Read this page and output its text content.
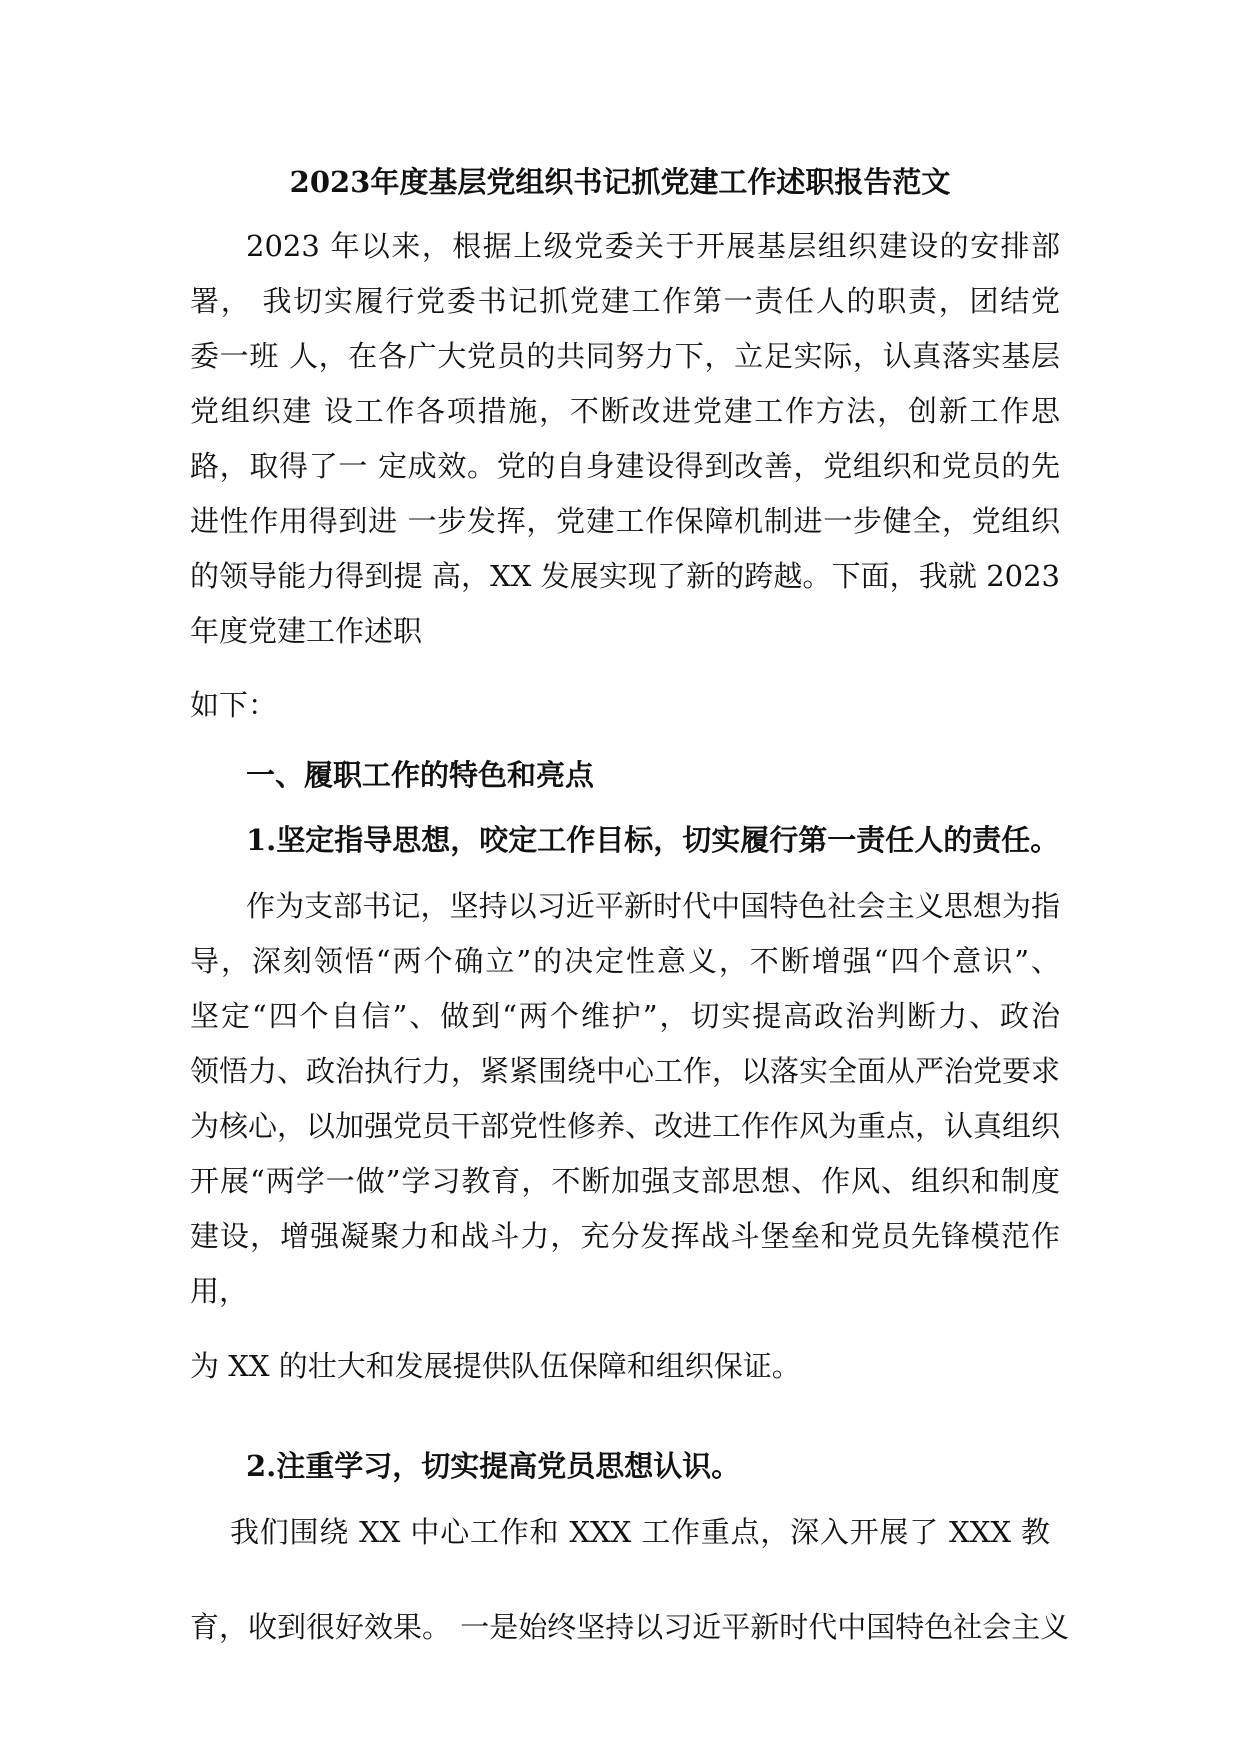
2023年度基层党组织书记抓党建工作述职报告范文
2023 年以来，根据上级党委关于开展基层组织建设的安排部
署， 我切实履行党委书记抓党建工作第一责任人的职责，团结党
委一班 人，在各广大党员的共同努力下，立足实际，认真落实基层
党组织建 设工作各项措施，不断改进党建工作方法，创新工作思
路，取得了一 定成效。党的自身建设得到改善，党组织和党员的先
进性作用得到进 一步发挥，党建工作保障机制进一步健全，党组织
的领导能力得到提 高，XX 发展实现了新的跨越。下面，我就 2023
年度党建工作述职
如下：
一、履职工作的特色和亮点
1.坚定指导思想，咬定工作目标，切实履行第一责任人的责任。
作为支部书记，坚持以习近平新时代中国特色社会主义思想为指
导，深刻领悟“两个确立”的决定性意义，不断增强“四个意识”、
坚定“四个自信”、做到“两个维护”，切实提高政治判断力、政治
领悟力、政治执行力，紧紧围绕中心工作，以落实全面从严治党要求
为核心，以加强党员干部党性修养、改进工作作风为重点，认真组织
开展“两学一做”学习教育，不断加强支部思想、作风、组织和制度
建设，增强凝聚力和战斗力，充分发挥战斗堡垒和党员先锋模范作
用，
为 XX 的壮大和发展提供队伍保障和组织保证。
2.注重学习，切实提高党员思想认识。
我们围绕 XX 中心工作和 XXX 工作重点，深入开展了 XXX 教
育，收到很好效果。 一是始终坚持以习近平新时代中国特色社会主义
